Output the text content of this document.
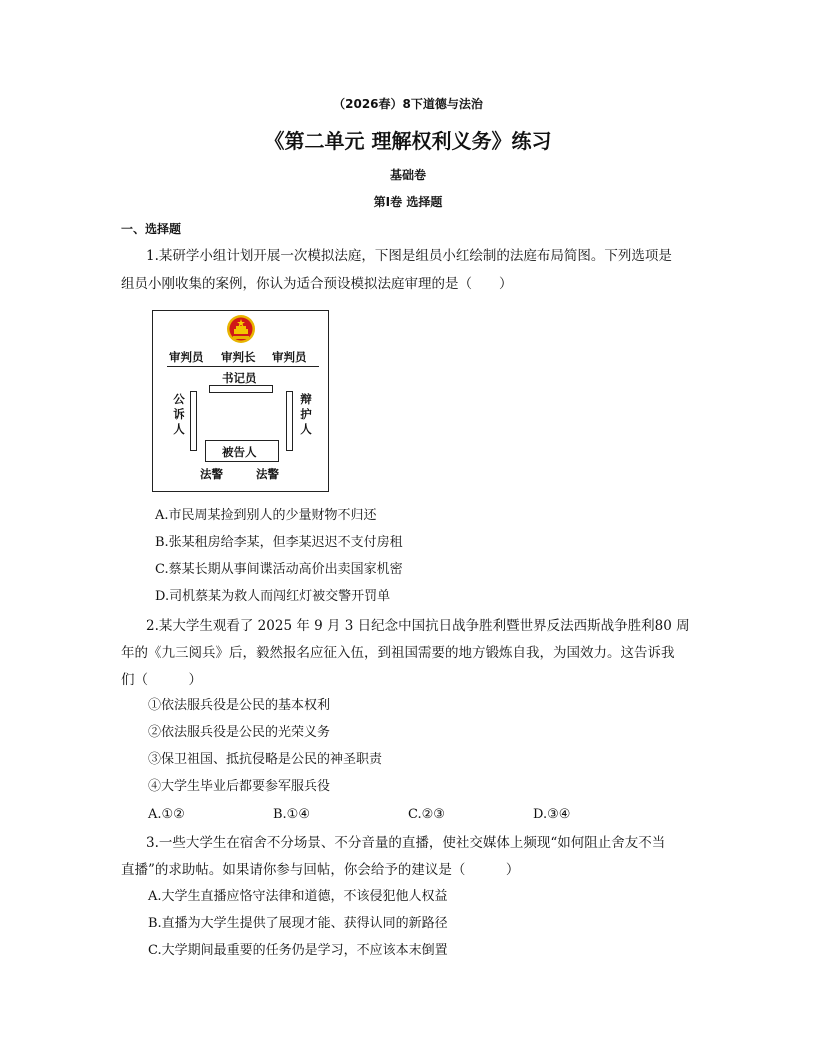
（2026春）8下道德与法治
《第二单元 理解权利义务》练习
基础卷
第I卷 选择题
一、选择题
1.某研学小组计划开展一次模拟法庭，下图是组员小红绘制的法庭布局简图。下列选项是
组员小刚收集的案例，你认为适合预设模拟法庭审理的是（　　）
审判员 审判长 审判员
书记员
公诉人
辩护人
被告人
法警	法警
A.市民周某捡到别人的少量财物不归还
B.张某租房给李某，但李某迟迟不支付房租
C.蔡某长期从事间谍活动高价出卖国家机密
D.司机蔡某为救人而闯红灯被交警开罚单
2.某大学生观看了 2025 年 9 月 3 日纪念中国抗日战争胜利暨世界反法西斯战争胜利80 周
年的《九三阅兵》后，毅然报名应征入伍，到祖国需要的地方锻炼自我，为国效力。这告诉我
们（　　　）
①依法服兵役是公民的基本权利
②依法服兵役是公民的光荣义务
③保卫祖国、抵抗侵略是公民的神圣职责
④大学生毕业后都要参军服兵役
A.①②	B.①④	C.②③	D.③④
3.一些大学生在宿舍不分场景、不分音量的直播，使社交媒体上频现“如何阻止舍友不当
直播”的求助帖。如果请你参与回帖，你会给予的建议是（　　　）
A.大学生直播应恪守法律和道德，不该侵犯他人权益
B.直播为大学生提供了展现才能、获得认同的新路径
C.大学期间最重要的任务仍是学习，不应该本末倒置
